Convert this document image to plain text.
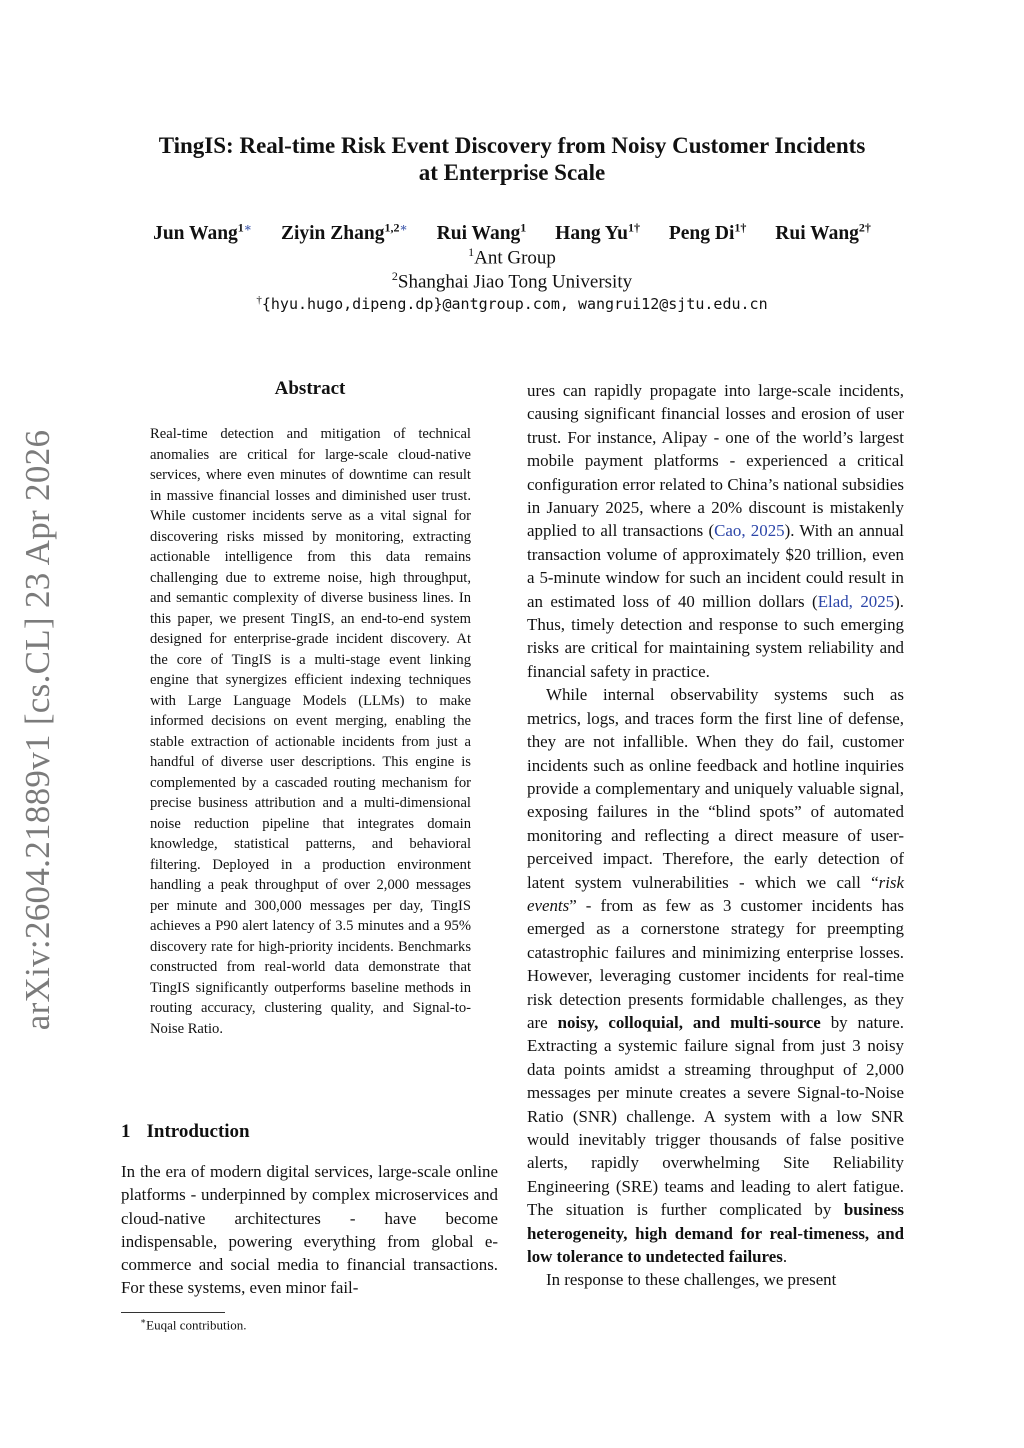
arXiv:2604.21889v1 [cs.CL] 23 Apr 2026
TingIS: Real-time Risk Event Discovery from Noisy Customer Incidents
at Enterprise Scale
Jun Wang$^{1∗}$ Ziyin Zhang$^{1,2∗}$ Rui Wang$^1$ Hang $Yu^{1\dagger}$ Peng $Di^{1\dagger}$ Rui Wang$^{2\dagger}$
$^1$Ant Group
$^2$Shanghai Jiao Tong University
†{hyu.hugo,dipeng.dp}@antgroup.com, wangrui12@sjtu.edu.cn
Abstract
Real-time detection and mitigation of technical anomalies are critical for large-scale cloud-native services, where even minutes of downtime can result in massive financial losses and diminished user trust. While customer incidents serve as a vital signal for discovering risks missed by monitoring, extracting actionable intelligence from this data remains challenging due to extreme noise, high throughput, and semantic complexity of diverse business lines. In this paper, we present TingIS, an end-to-end system designed for enterprise-grade incident discovery. At the core of TingIS is a multi-stage event linking engine that synergizes efficient indexing techniques with Large Language Models (LLMs) to make informed decisions on event merging, enabling the stable extraction of actionable incidents from just a handful of diverse user descriptions. This engine is complemented by a cascaded routing mechanism for precise business attribution and a multi-dimensional noise reduction pipeline that integrates domain knowledge, statistical patterns, and behavioral filtering. Deployed in a production environment handling a peak throughput of over 2,000 messages per minute and 300,000 messages per day, TingIS achieves a P90 alert latency of 3.5 minutes and a 95% discovery rate for high-priority incidents. Benchmarks constructed from real-world data demonstrate that TingIS significantly outperforms baseline methods in routing accuracy, clustering quality, and Signal-to-Noise Ratio.
1 Introduction
In the era of modern digital services, large-scale online platforms - underpinned by complex microservices and cloud-native architectures - have become indispensable, powering everything from global e-commerce and social media to financial transactions. For these systems, even minor fail-
∗Euqal contribution.

ures can rapidly propagate into large-scale incidents, causing significant financial losses and erosion of user trust. For instance, Alipay - one of the world’s largest mobile payment platforms - experienced a critical configuration error related to China’s national subsidies in January 2025, where a 20% discount is mistakenly applied to all transactions (Cao, 2025). With an annual transaction volume of approximately $20 trillion, even a 5-minute window for such an incident could result in an estimated loss of 40 million dollars (Elad, 2025). Thus, timely detection and response to such emerging risks are critical for maintaining system reliability and financial safety in practice.

While internal observability systems such as metrics, logs, and traces form the first line of defense, they are not infallible. When they do fail, customer incidents such as online feedback and hotline inquiries provide a complementary and uniquely valuable signal, exposing failures in the “blind spots” of automated monitoring and reflecting a direct measure of user-perceived impact. Therefore, the early detection of latent system vulnerabilities - which we call “risk events” - from as few as 3 customer incidents has emerged as a cornerstone strategy for preempting catastrophic failures and minimizing enterprise losses. However, leveraging customer incidents for real-time risk detection presents formidable challenges, as they are noisy, colloquial, and multi-source by nature. Extracting a systemic failure signal from just 3 noisy data points amidst a streaming throughput of 2,000 messages per minute creates a severe Signal-to-Noise Ratio (SNR) challenge. A system with a low SNR would inevitably trigger thousands of false positive alerts, rapidly overwhelming Site Reliability Engineering (SRE) teams and leading to alert fatigue. The situation is further complicated by business heterogeneity, high demand for real-timeness, and low tolerance to undetected failures.

In response to these challenges, we present
